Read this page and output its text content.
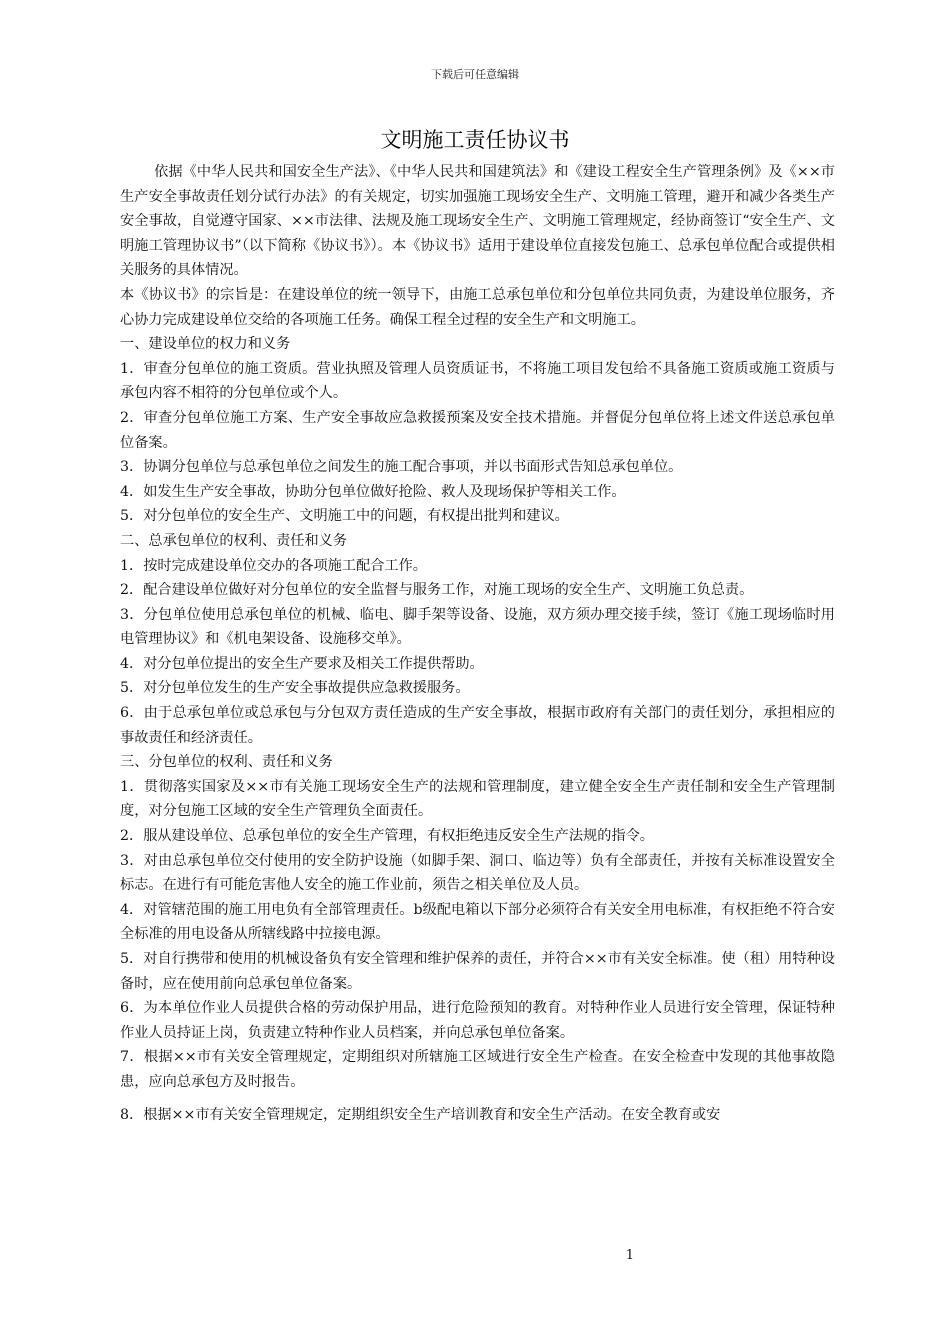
下载后可任意编辑
文明施工责任协议书

依据《中华人民共和国安全生产法》、《中华人民共和国建筑法》和《建设工程安全生产管理条例》及《××市生产安全事故责任划分试行办法》的有关规定，切实加强施工现场安全生产、文明施工管理，避开和减少各类生产安全事故，自觉遵守国家、××市法律、法规及施工现场安全生产、文明施工管理规定，经协商签订“安全生产、文明施工管理协议书”（以下简称《协议书》）。本《协议书》适用于建设单位直接发包施工、总承包单位配合或提供相关服务的具体情况。

本《协议书》的宗旨是：在建设单位的统一领导下，由施工总承包单位和分包单位共同负责，为建设单位服务，齐心协力完成建设单位交给的各项施工任务。确保工程全过程的安全生产和文明施工。

一、建设单位的权力和义务

1．审查分包单位的施工资质。营业执照及管理人员资质证书，不将施工项目发包给不具备施工资质或施工资质与承包内容不相符的分包单位或个人。

2．审查分包单位施工方案、生产安全事故应急救援预案及安全技术措施。并督促分包单位将上述文件送总承包单位备案。

3．协调分包单位与总承包单位之间发生的施工配合事项，并以书面形式告知总承包单位。

4．如发生生产安全事故，协助分包单位做好抢险、救人及现场保护等相关工作。

5．对分包单位的安全生产、文明施工中的问题，有权提出批判和建议。

二、总承包单位的权利、责任和义务

1．按时完成建设单位交办的各项施工配合工作。

2．配合建设单位做好对分包单位的安全监督与服务工作，对施工现场的安全生产、文明施工负总责。

3．分包单位使用总承包单位的机械、临电、脚手架等设备、设施，双方须办理交接手续，签订《施工现场临时用电管理协议》和《机电架设备、设施移交单》。

4．对分包单位提出的安全生产要求及相关工作提供帮助。

5．对分包单位发生的生产安全事故提供应急救援服务。

6．由于总承包单位或总承包与分包双方责任造成的生产安全事故，根据市政府有关部门的责任划分，承担相应的事故责任和经济责任。

三、分包单位的权利、责任和义务

1．贯彻落实国家及××市有关施工现场安全生产的法规和管理制度，建立健全安全生产责任制和安全生产管理制度，对分包施工区域的安全生产管理负全面责任。

2．服从建设单位、总承包单位的安全生产管理，有权拒绝违反安全生产法规的指令。

3．对由总承包单位交付使用的安全防护设施（如脚手架、洞口、临边等）负有全部责任，并按有关标准设置安全标志。在进行有可能危害他人安全的施工作业前，须告之相关单位及人员。

4．对管辖范围的施工用电负有全部管理责任。b级配电箱以下部分必须符合有关安全用电标准，有权拒绝不符合安全标准的用电设备从所辖线路中拉接电源。

5．对自行携带和使用的机械设备负有安全管理和维护保养的责任，并符合××市有关安全标准。使（租）用特种设备时，应在使用前向总承包单位备案。

6．为本单位作业人员提供合格的劳动保护用品，进行危险预知的教育。对特种作业人员进行安全管理，保证特种作业人员持证上岗，负责建立特种作业人员档案，并向总承包单位备案。

7．根据××市有关安全管理规定，定期组织对所辖施工区域进行安全生产检查。在安全检查中发现的其他事故隐患，应向总承包方及时报告。

8．根据××市有关安全管理规定，定期组织安全生产培训教育和安全生产活动。在安全教育或安

1
